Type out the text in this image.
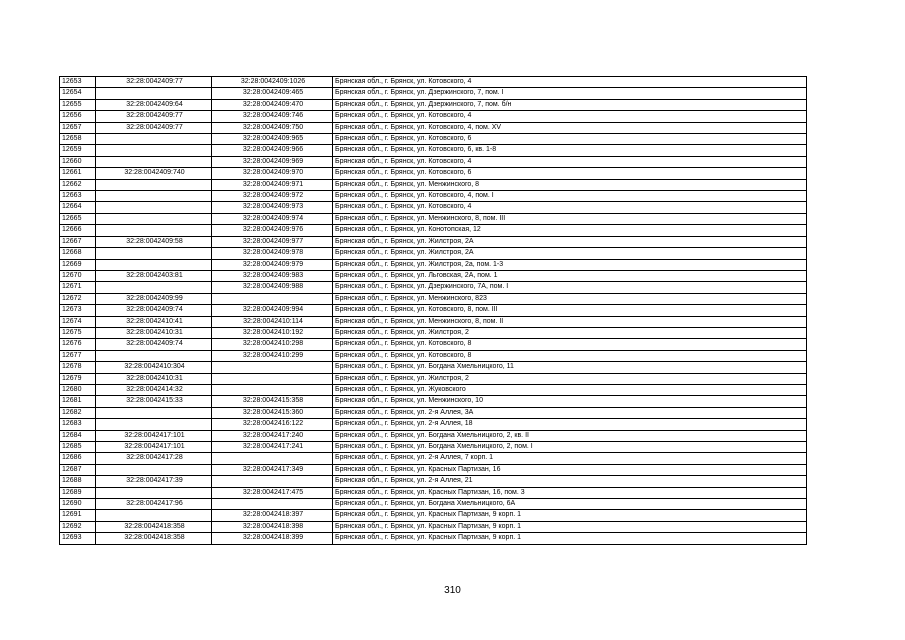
12653	32:28:0042409:77	32:28:0042409:1026	Брянская обл., г. Брянск, ул. Котовского, 4
12654		32:28:0042409:465	Брянская обл., г. Брянск, ул. Дзержинского, 7, пом. I
12655	32:28:0042409:64	32:28:0042409:470	Брянская обл., г. Брянск, ул. Дзержинского, 7, пом. б/н
12656	32:28:0042409:77	32:28:0042409:746	Брянская обл., г. Брянск, ул. Котовского, 4
12657	32:28:0042409:77	32:28:0042409:750	Брянская обл., г. Брянск, ул. Котовского, 4, пом. XV
12658		32:28:0042409:965	Брянская обл., г. Брянск, ул. Котовского, 6
12659		32:28:0042409:966	Брянская обл., г. Брянск, ул. Котовского, 6, кв. 1-8
12660		32:28:0042409:969	Брянская обл., г. Брянск, ул. Котовского, 4
12661	32:28:0042409:740	32:28:0042409:970	Брянская обл., г. Брянск, ул. Котовского, 6
12662		32:28:0042409:971	Брянская обл., г. Брянск, ул. Менжинского, 8
12663		32:28:0042409:972	Брянская обл., г. Брянск, ул. Котовского, 4, пом. I
12664		32:28:0042409:973	Брянская обл., г. Брянск, ул. Котовского, 4
12665		32:28:0042409:974	Брянская обл., г. Брянск, ул. Менжинского, 8, пом. III
12666		32:28:0042409:976	Брянская обл., г. Брянск, ул. Конотопская, 12
12667	32:28:0042409:58	32:28:0042409:977	Брянская обл., г. Брянск, ул. Жилстроя, 2А
12668		32:28:0042409:978	Брянская обл., г. Брянск, ул. Жилстроя, 2А
12669		32:28:0042409:979	Брянская обл., г. Брянск, ул. Жилстроя, 2а, пом. 1-3
12670	32:28:0042403:81	32:28:0042409:983	Брянская обл., г. Брянск, ул. Льговская, 2А, пом. 1
12671		32:28:0042409:988	Брянская обл., г. Брянск, ул. Дзержинского, 7А, пом. I
12672	32:28:0042409:99		Брянская обл., г. Брянск, ул. Менжинского, 823
12673	32:28:0042409:74	32:28:0042409:994	Брянская обл., г. Брянск, ул. Котовского, 8, пом. III
12674	32:28:0042410:41	32:28:0042410:114	Брянская обл., г. Брянск, ул. Менжинского, 8, пом. II
12675	32:28:0042410:31	32:28:0042410:192	Брянская обл., г. Брянск, ул. Жилстроя, 2
12676	32:28:0042409:74	32:28:0042410:298	Брянская обл., г. Брянск, ул. Котовского, 8
12677		32:28:0042410:299	Брянская обл., г. Брянск, ул. Котовского, 8
12678	32:28:0042410:304		Брянская обл., г. Брянск, ул. Богдана Хмельницкого, 11
12679	32:28:0042410:31		Брянская обл., г. Брянск, ул. Жилстроя, 2
12680	32:28:0042414:32		Брянская обл., г. Брянск, ул. Жуковского
12681	32:28:0042415:33	32:28:0042415:358	Брянская обл., г. Брянск, ул. Менжинского, 10
12682		32:28:0042415:360	Брянская обл., г. Брянск, ул. 2-я Аллея, 3А
12683		32:28:0042416:122	Брянская обл., г. Брянск, ул. 2-я Аллея, 18
12684	32:28:0042417:101	32:28:0042417:240	Брянская обл., г. Брянск, ул. Богдана Хмельницкого, 2, кв. II
12685	32:28:0042417:101	32:28:0042417:241	Брянская обл., г. Брянск, ул. Богдана Хмельницкого, 2, пом. I
12686	32:28:0042417:28		Брянская обл., г. Брянск, ул. 2-я Аллея, 7 корп. 1
12687		32:28:0042417:349	Брянская обл., г. Брянск, ул. Красных Партизан, 16
12688	32:28:0042417:39		Брянская обл., г. Брянск, ул. 2-я Аллея, 21
12689		32:28:0042417:475	Брянская обл., г. Брянск, ул. Красных Партизан, 16, пом. 3
12690	32:28:0042417:96		Брянская обл., г. Брянск, ул. Богдана Хмельницкого, 6А
12691		32:28:0042418:397	Брянская обл., г. Брянск, ул. Красных Партизан, 9 корп. 1
12692	32:28:0042418:358	32:28:0042418:398	Брянская обл., г. Брянск, ул. Красных Партизан, 9 корп. 1
12693	32:28:0042418:358	32:28:0042418:399	Брянская обл., г. Брянск, ул. Красных Партизан, 9 корп. 1
310
